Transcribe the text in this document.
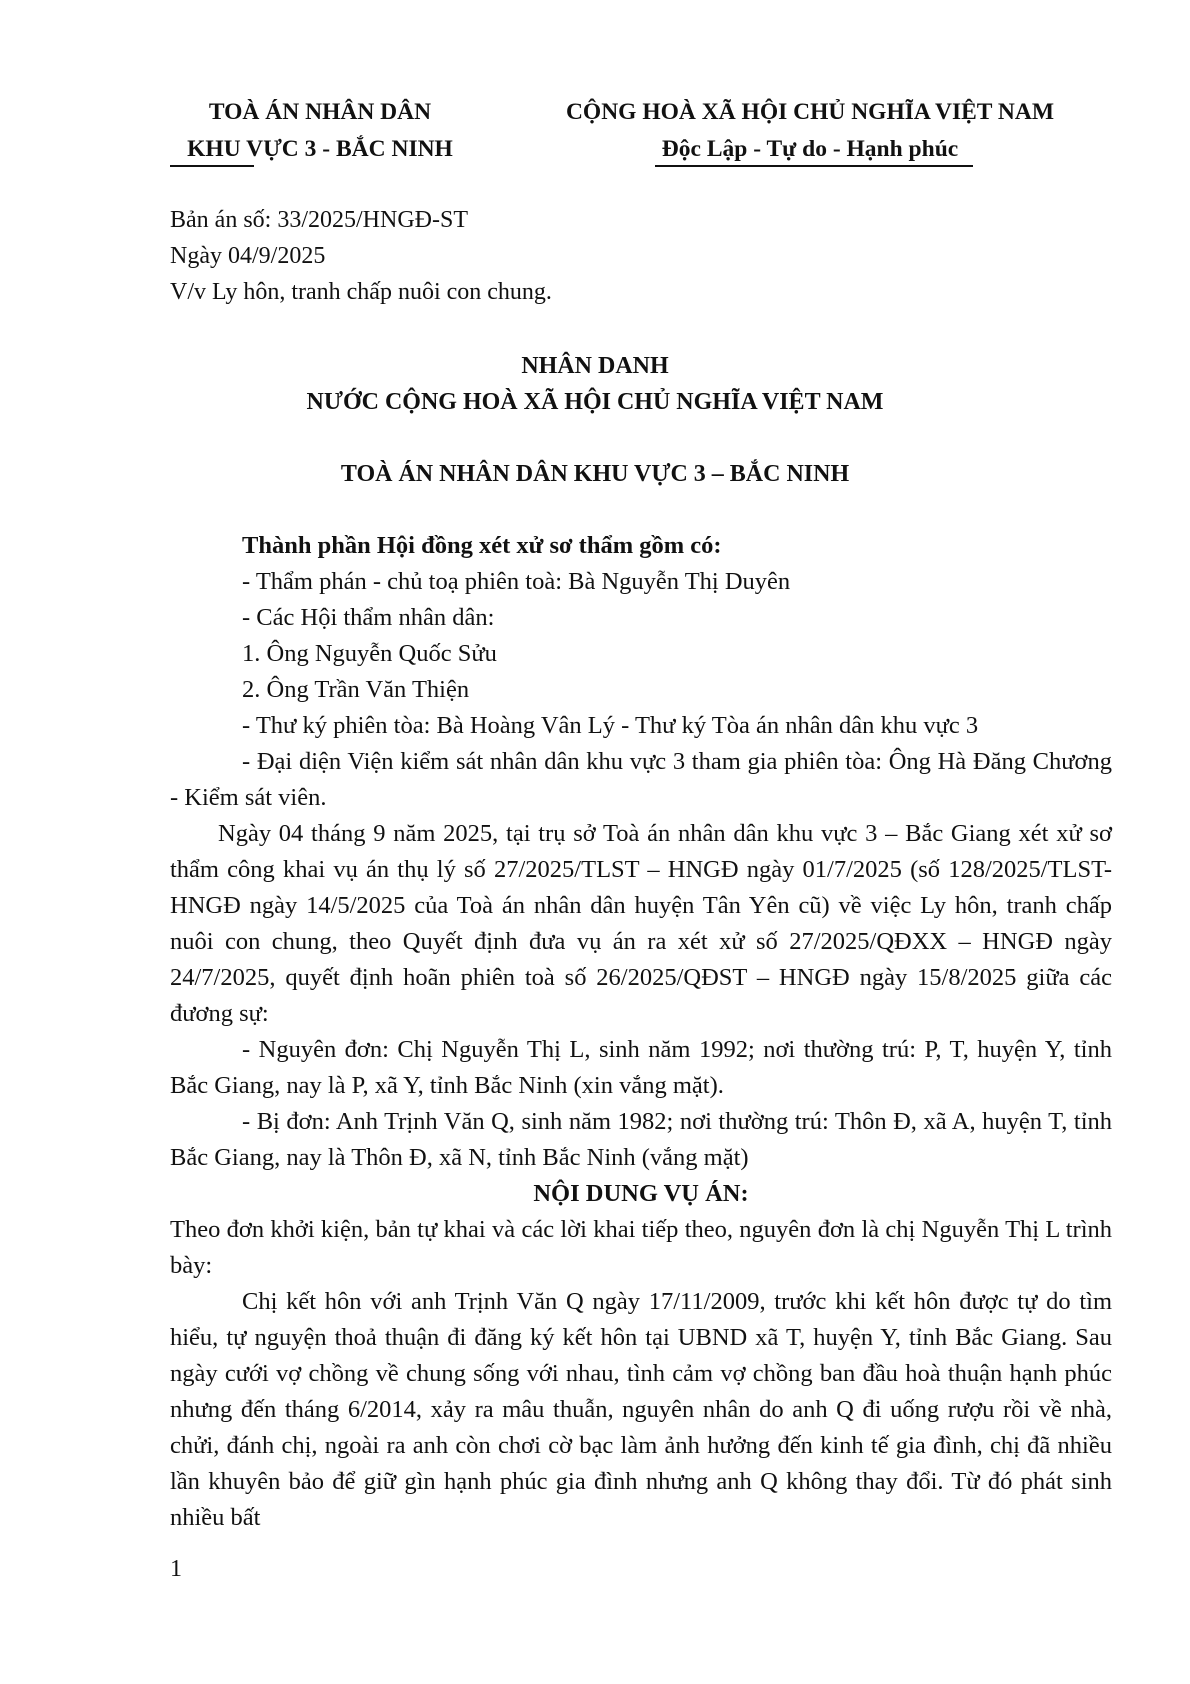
TOÀ ÁN NHÂN DÂN
KHU VỰC 3 - BẮC NINH
CỘNG HOÀ XÃ HỘI CHỦ NGHĨA VIỆT NAM
Độc Lập - Tự do - Hạnh phúc
Bản án số: 33/2025/HNGĐ-ST
Ngày 04/9/2025
V/v Ly hôn, tranh chấp nuôi con chung.
NHÂN DANH
NƯỚC CỘNG HOÀ XÃ HỘI CHỦ NGHĨA VIỆT NAM
TOÀ ÁN NHÂN DÂN KHU VỰC 3 – BẮC NINH

Thành phần Hội đồng xét xử sơ thẩm gồm có:

- Thẩm phán - chủ toạ phiên toà: Bà Nguyễn Thị Duyên

- Các Hội thẩm nhân dân:

1. Ông Nguyễn Quốc Sửu

2. Ông Trần Văn Thiện

- Thư ký phiên tòa: Bà Hoàng Vân Lý - Thư ký Tòa án nhân dân khu vực 3

- Đại diện Viện kiểm sát nhân dân khu vực 3 tham gia phiên tòa: Ông Hà Đăng Chương - Kiểm sát viên.

Ngày 04 tháng 9 năm 2025, tại trụ sở Toà án nhân dân khu vực 3 – Bắc Giang xét xử sơ thẩm công khai vụ án thụ lý số 27/2025/TLST – HNGĐ ngày 01/7/2025 (số 128/2025/TLST-HNGĐ ngày 14/5/2025 của Toà án nhân dân huyện Tân Yên cũ) về việc Ly hôn, tranh chấp nuôi con chung, theo Quyết định đưa vụ án ra xét xử số 27/2025/QĐXX – HNGĐ ngày 24/7/2025, quyết định hoãn phiên toà số 26/2025/QĐST – HNGĐ ngày 15/8/2025 giữa các đương sự:

- Nguyên đơn: Chị Nguyễn Thị L, sinh năm 1992; nơi thường trú: P, T, huyện Y, tỉnh Bắc Giang, nay là P, xã Y, tỉnh Bắc Ninh (xin vắng mặt).

- Bị đơn: Anh Trịnh Văn Q, sinh năm 1982; nơi thường trú: Thôn Đ, xã A, huyện T, tỉnh Bắc Giang, nay là Thôn Đ, xã N, tỉnh Bắc Ninh (vắng mặt)

NỘI DUNG VỤ ÁN:

Theo đơn khởi kiện, bản tự khai và các lời khai tiếp theo, nguyên đơn là chị Nguyễn Thị L trình bày:

Chị kết hôn với anh Trịnh Văn Q ngày 17/11/2009, trước khi kết hôn được tự do tìm hiểu, tự nguyện thoả thuận đi đăng ký kết hôn tại UBND xã T, huyện Y, tỉnh Bắc Giang. Sau ngày cưới vợ chồng về chung sống với nhau, tình cảm vợ chồng ban đầu hoà thuận hạnh phúc nhưng đến tháng 6/2014, xảy ra mâu thuẫn, nguyên nhân do anh Q đi uống rượu rồi về nhà, chửi, đánh chị, ngoài ra anh còn chơi cờ bạc làm ảnh hưởng đến kinh tế gia đình, chị đã nhiều lần khuyên bảo để giữ gìn hạnh phúc gia đình nhưng anh Q không thay đổi. Từ đó phát sinh nhiều bất

1
